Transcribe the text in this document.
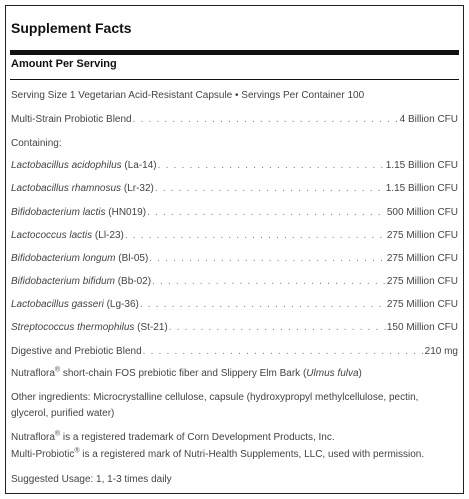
Supplement Facts
Amount Per Serving
Serving Size 1 Vegetarian Acid-Resistant Capsule • Servings Per Container 100
Multi-Strain Probiotic Blend . . .	4 Billion CFU
Containing:
Lactobacillus acidophilus (La-14) . . .	1.15 Billion CFU
Lactobacillus rhamnosus (Lr-32) . . .	1.15 Billion CFU
Bifidobacterium lactis (HN019) . . .	500 Million CFU
Lactococcus lactis (Ll-23) . . .	275 Million CFU
Bifidobacterium longum (Bl-05) . . .	275 Million CFU
Bifidobacterium bifidum (Bb-02) . . .	275 Million CFU
Lactobacillus gasseri (Lg-36) . . .	275 Million CFU
Streptococcus thermophilus (St-21) . . .	150 Million CFU
Digestive and Prebiotic Blend . . .	210 mg
Nutraflora® short-chain FOS prebiotic fiber and Slippery Elm Bark (Ulmus fulva)
Other ingredients: Microcrystalline cellulose, capsule (hydroxypropyl methylcellulose, pectin, glycerol, purified water)
Nutraflora® is a registered trademark of Corn Development Products, Inc.
Multi-Probiotic® is a registered mark of Nutri-Health Supplements, LLC, used with permission.
Suggested Usage: 1, 1-3 times daily
